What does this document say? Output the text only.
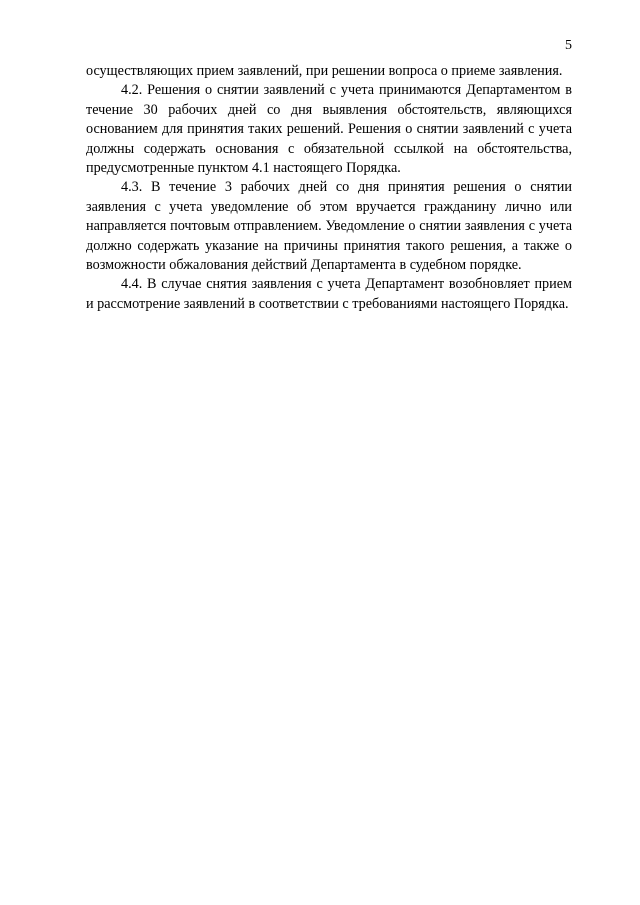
5

осуществляющих прием заявлений, при решении вопроса о приеме заявления.

4.2. Решения о снятии заявлений с учета принимаются Департаментом в течение 30 рабочих дней со дня выявления обстоятельств, являющихся основанием для принятия таких решений. Решения о снятии заявлений с учета должны содержать основания с обязательной ссылкой на обстоятельства, предусмотренные пунктом 4.1 настоящего Порядка.

4.3. В течение 3 рабочих дней со дня принятия решения о снятии заявления с учета уведомление об этом вручается гражданину лично или направляется почтовым отправлением. Уведомление о снятии заявления с учета должно содержать указание на причины принятия такого решения, а также о возможности обжалования действий Департамента в судебном порядке.

4.4. В случае снятия заявления с учета Департамент возобновляет прием и рассмотрение заявлений в соответствии с требованиями настоящего Порядка.
